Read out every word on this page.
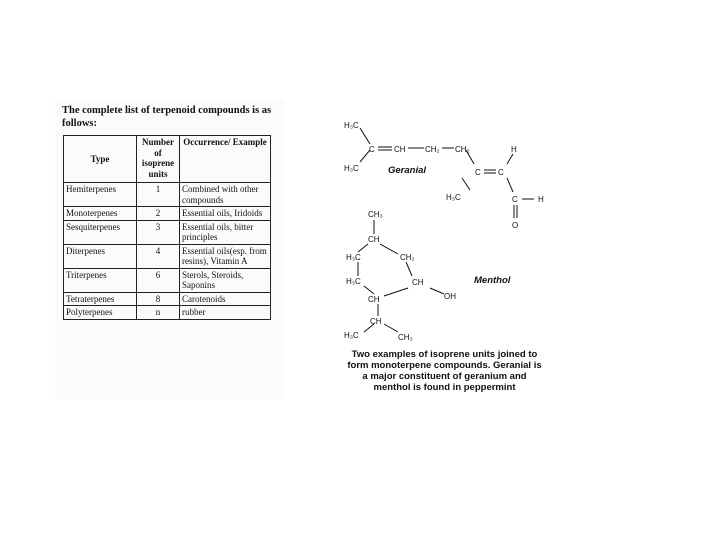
The complete list of terpenoid compounds is as
follows:
Type	Number of isoprene units	Occurrence/ Example
Hemiterpenes	1	Combined with other compounds
Monoterpenes	2	Essential oils, Iridoids
Sesquiterpenes	3	Essential oils, bitter principles
Diterpenes	4	Essential oils(esp. from resins), Vitamin A
Triterpenes	6	Sterols, Steroids, Saponins
Tetraterpenes	8	Carotenoids
Polyterpenes	n	rubber
H₃C
H₃C
C CH CH₂ CH₂
C C
H
H₃C	C	H
O
Geranial
CH₃
CH
H₃C	CH₂
H₃C	CH
CH	OH
CH
H₃C	CH₃
Menthol
Two examples of isoprene units joined to
form monoterpene compounds. Geranial is
a major constituent of geranium and
menthol is found in peppermint
